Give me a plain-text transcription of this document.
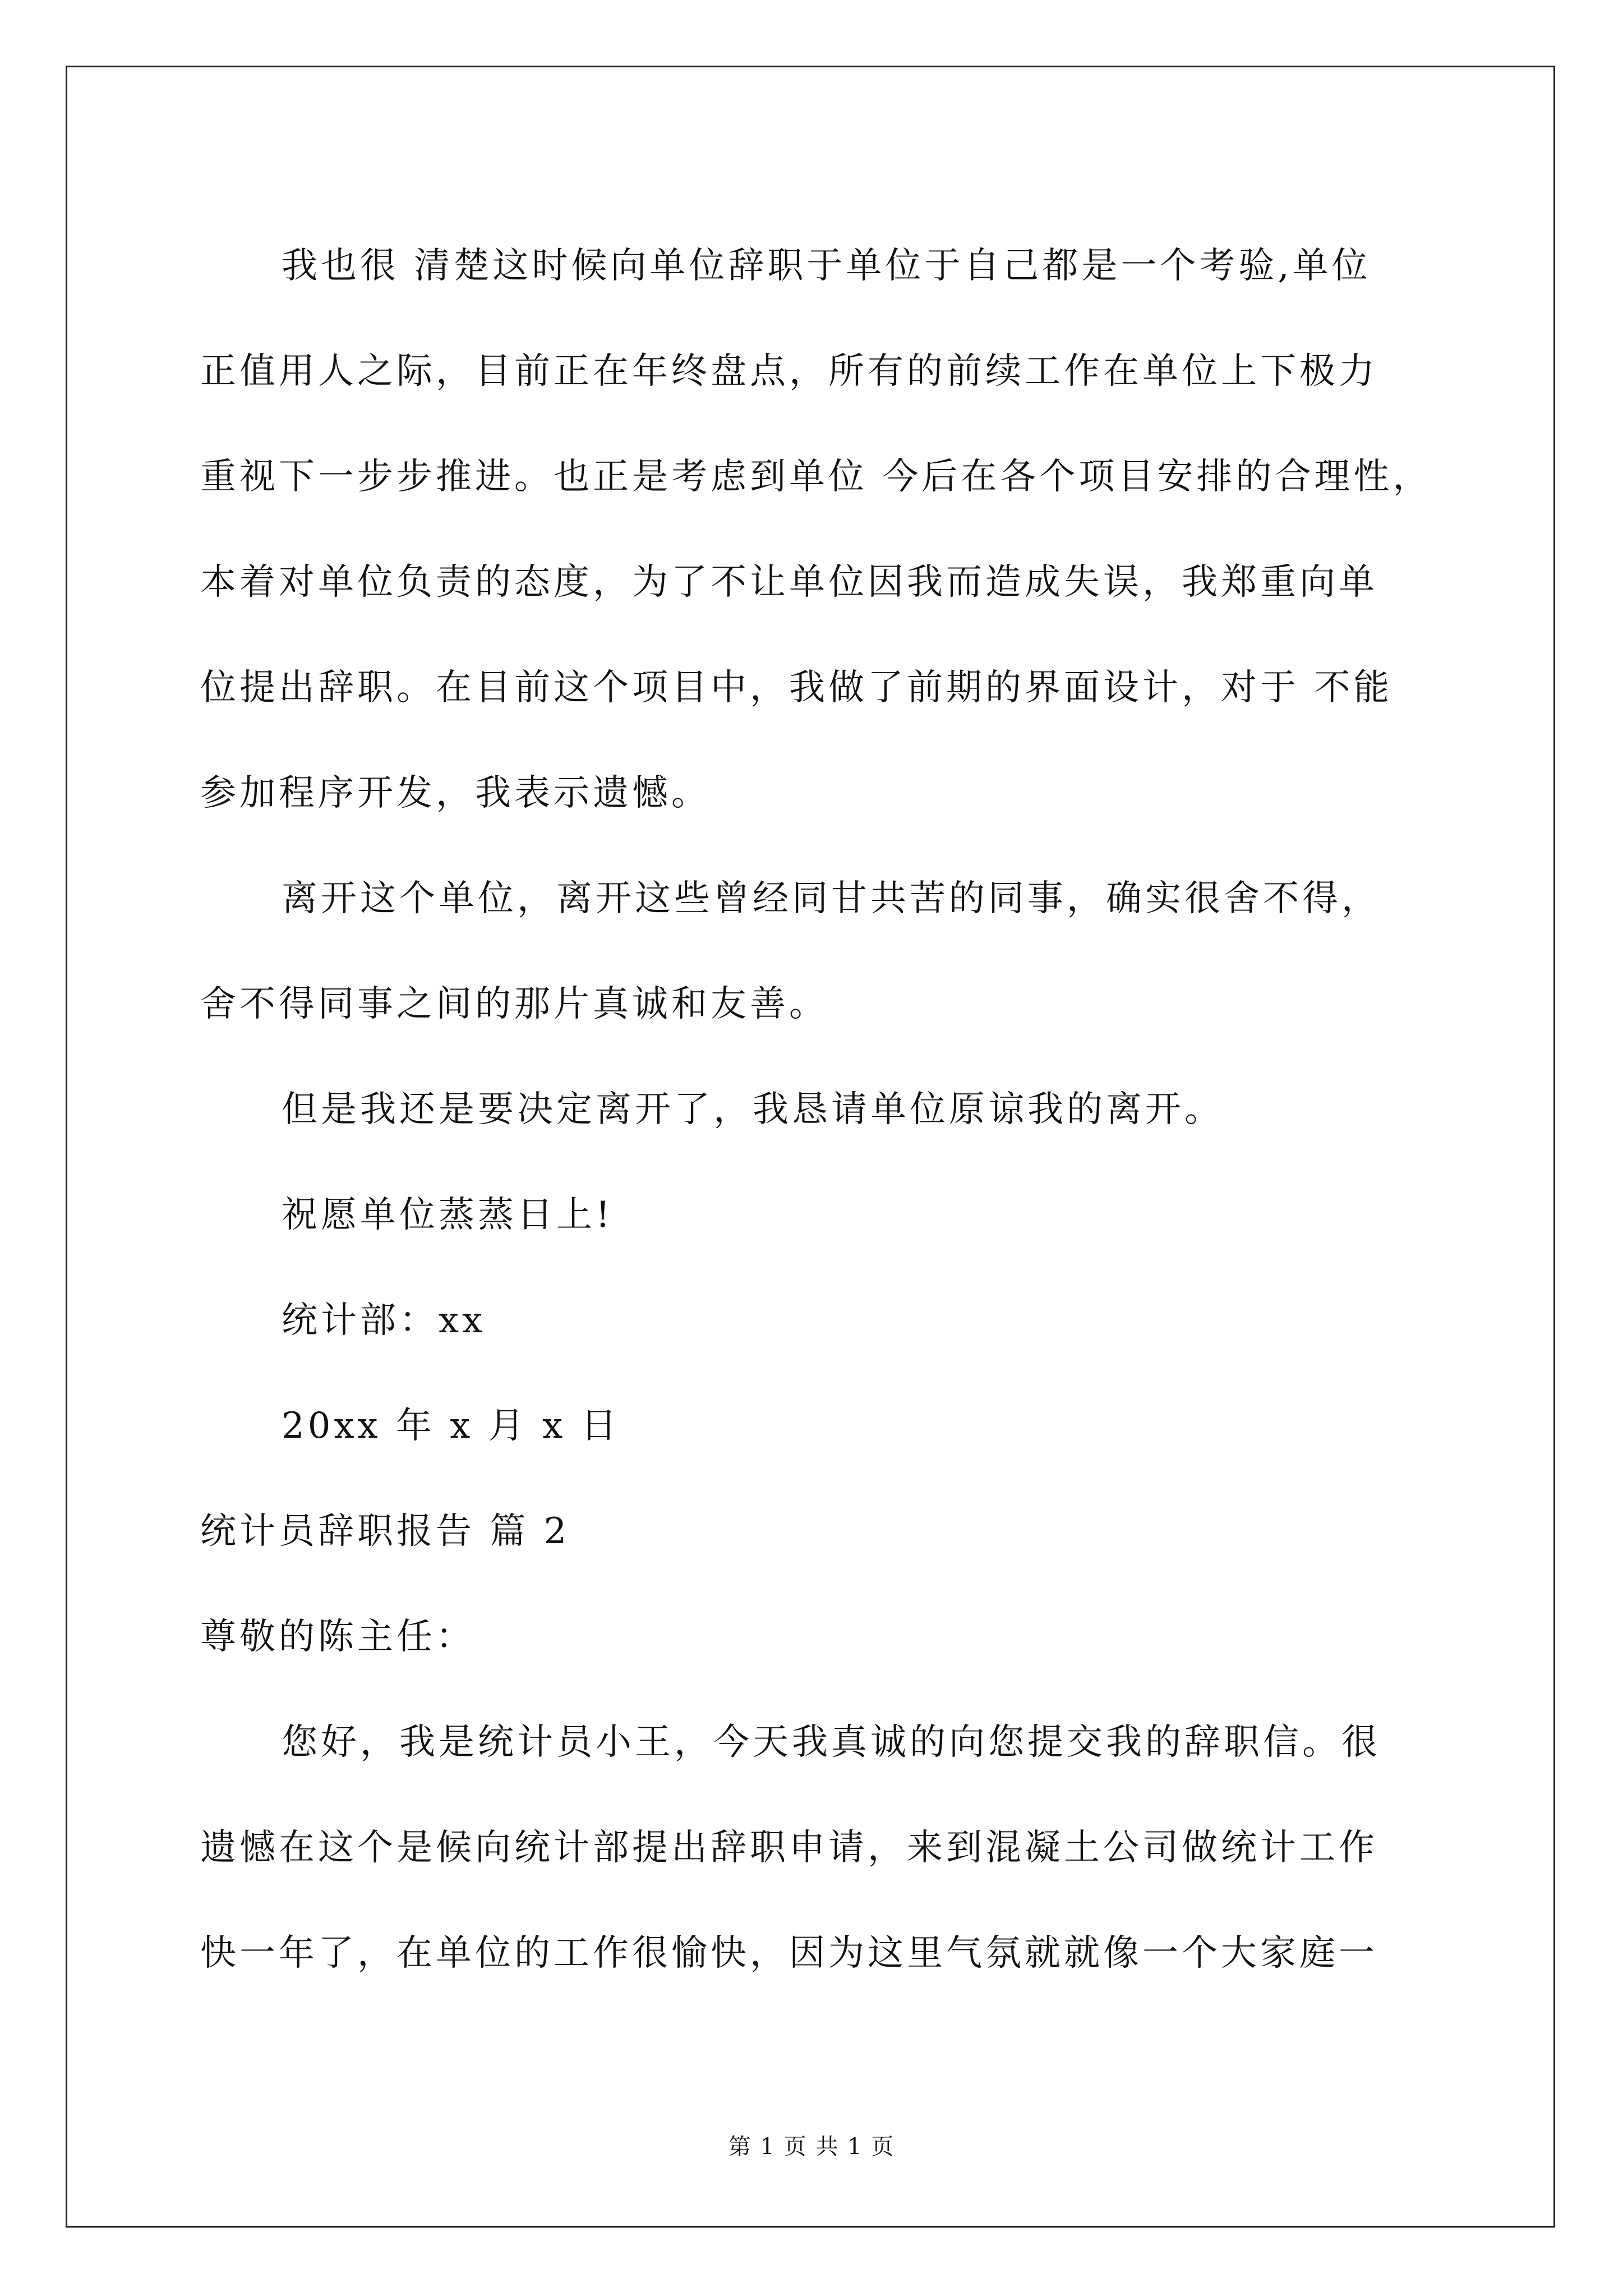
我也很 清楚这时候向单位辞职于单位于自己都是一个考验,单位
正值用人之际，目前正在年终盘点，所有的前续工作在单位上下极力
重视下一步步推进。也正是考虑到单位 今后在各个项目安排的合理性，
本着对单位负责的态度，为了不让单位因我而造成失误，我郑重向单
位提出辞职。在目前这个项目中，我做了前期的界面设计，对于 不能
参加程序开发，我表示遗憾。
离开这个单位，离开这些曾经同甘共苦的同事，确实很舍不得，
舍不得同事之间的那片真诚和友善。
但是我还是要决定离开了，我恳请单位原谅我的离开。
祝愿单位蒸蒸日上!
统计部：xx
20xx 年 x 月 x 日
统计员辞职报告 篇 2
尊敬的陈主任：
您好，我是统计员小王，今天我真诚的向您提交我的辞职信。很
遗憾在这个是候向统计部提出辞职申请，来到混凝土公司做统计工作
快一年了，在单位的工作很愉快，因为这里气氛就就像一个大家庭一
第 1 页 共 1 页
